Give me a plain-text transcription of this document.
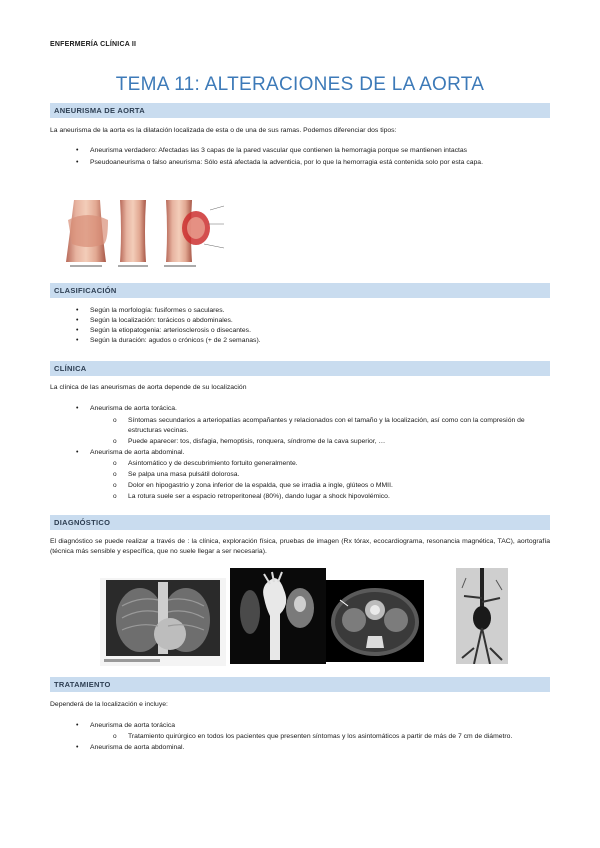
ENFERMERÍA CLÍNICA II
TEMA 11: ALTERACIONES DE LA AORTA
ANEURISMA DE AORTA
La aneurisma de la aorta es la dilatación localizada de esta o de una de sus ramas. Podemos diferenciar dos tipos:
• Aneurisma verdadero: Afectadas las 3 capas de la pared vascular que contienen la hemorragia porque se mantienen intactas
• Pseudoaneurisma o falso aneurisma: Sólo está afectada la adventicia, por lo que la hemorragia está contenida solo por esta capa.
CLASIFICACIÓN
• Según la morfología: fusiformes o saculares.
• Según la localización: torácicos o abdominales.
• Según la etiopatogenia: arteriosclerosis o disecantes.
• Según la duración: agudos o crónicos (+ de 2 semanas).
CLÍNICA
La clínica de las aneurismas de aorta depende de su localización
• Aneurisma de aorta torácica.
o Síntomas secundarios a arteriopatías acompañantes y relacionados con el tamaño y la localización, así como con la compresión de estructuras vecinas.
o Puede aparecer: tos, disfagia, hemoptisis, ronquera, síndrome de la cava superior, …
• Aneurisma de aorta abdominal.
o Asintomático y de descubrimiento fortuito generalmente.
o Se palpa una masa pulsátil dolorosa.
o Dolor en hipogastrio y zona inferior de la espalda, que se irradia a ingle, glúteos o MMII.
o La rotura suele ser a espacio retroperitoneal (80%), dando lugar a shock hipovolémico.
DIAGNÓSTICO
El diagnóstico se puede realizar a través de : la clínica, exploración física, pruebas de imagen (Rx tórax, ecocardiograma, resonancia magnética, TAC), aortografía (técnica más sensible y específica, que no suele llegar a ser necesaria).
TRATAMIENTO
Dependerá de la localización e incluye:
• Aneurisma de aorta torácica
o Tratamiento quirúrgico en todos los pacientes que presenten síntomas y los asintomáticos a partir de más de 7 cm de diámetro.
• Aneurisma de aorta abdominal.
